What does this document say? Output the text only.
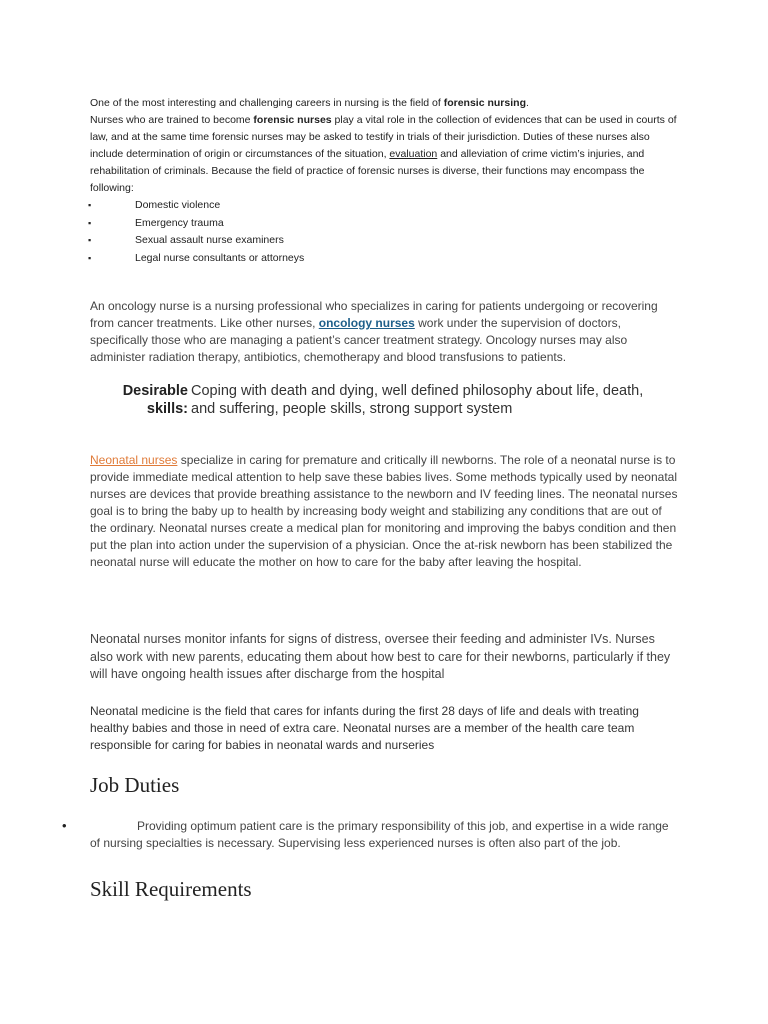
One of the most interesting and challenging careers in nursing is the field of forensic nursing.

Nurses who are trained to become forensic nurses play a vital role in the collection of evidences that can be used in courts of law, and at the same time forensic nurses may be asked to testify in trials of their jurisdiction. Duties of these nurses also include determination of origin or circumstances of the situation, evaluation and alleviation of crime victim’s injuries, and rehabilitation of criminals. Because the field of practice of forensic nurses is diverse, their functions may encompass the following:

▪ Domestic violence
▪ Emergency trauma
▪ Sexual assault nurse examiners
▪ Legal nurse consultants or attorneys

An oncology nurse is a nursing professional who specializes in caring for patients undergoing or recovering from cancer treatments. Like other nurses, oncology nurses work under the supervision of doctors, specifically those who are managing a patient’s cancer treatment strategy. Oncology nurses may also administer radiation therapy, antibiotics, chemotherapy and blood transfusions to patients.

Desirable
skills:
Coping with death and dying, well defined philosophy about life, death,
and suffering, people skills, strong support system

Neonatal nurses specialize in caring for premature and critically ill newborns. The role of a neonatal nurse is to provide immediate medical attention to help save these babies lives. Some methods typically used by neonatal nurses are devices that provide breathing assistance to the newborn and IV feeding lines. The neonatal nurses goal is to bring the baby up to health by increasing body weight and stabilizing any conditions that are out of the ordinary. Neonatal nurses create a medical plan for monitoring and improving the babys condition and then put the plan into action under the supervision of a physician. Once the at-risk newborn has been stabilized the neonatal nurse will educate the mother on how to care for the baby after leaving the hospital.

Neonatal nurses monitor infants for signs of distress, oversee their feeding and administer IVs. Nurses also work with new parents, educating them about how best to care for their newborns, particularly if they will have ongoing health issues after discharge from the hospital

Neonatal medicine is the field that cares for infants during the first 28 days of life and deals with treating healthy babies and those in need of extra care. Neonatal nurses are a member of the health care team responsible for caring for babies in neonatal wards and nurseries

Job Duties
•	Providing optimum patient care is the primary responsibility of this job, and expertise in a wide range of nursing specialties is necessary. Supervising less experienced nurses is often also part of the job.
Skill Requirements
